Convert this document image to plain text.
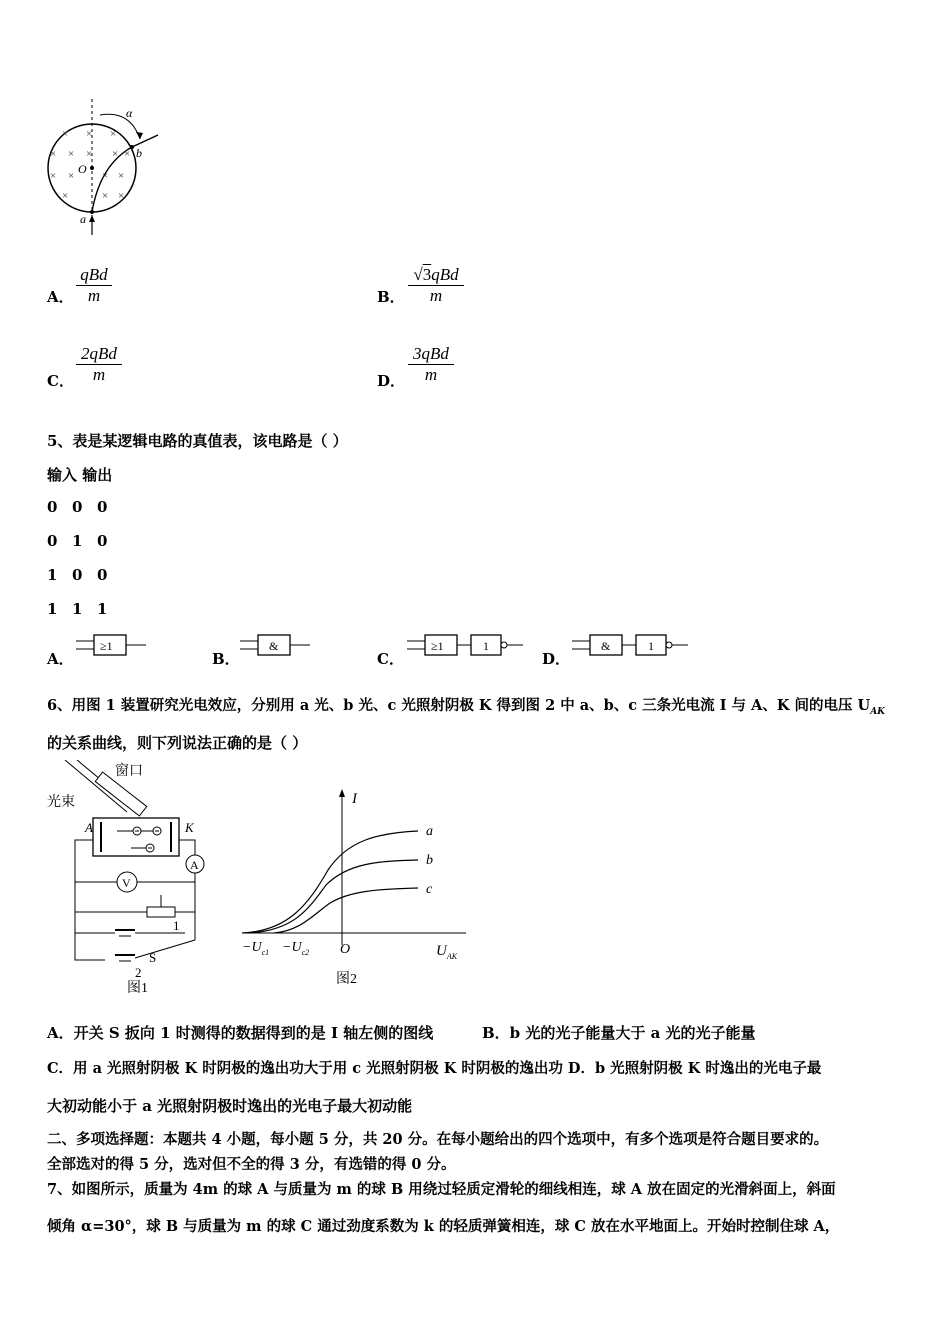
α
b
O
a
× × ×
× × × × ×
× ×	× ×
×	× ×
A．
qBd
m	B．
√3qBd
m
C．
2qBd
m	D．
3qBd
m
5、表是某逻辑电路的真值表，该电路是（ ）
输入 输出
0 0 0
0 1 0
1 0 0
1 1 1
A．
≥1
B．
&
C．
≥1	1
D．
&	1
6、用图 1 装置研究光电效应，分别用 a 光、b 光、c 光照射阴极 K 得到图 2 中 a、b、c 三条光电流 I 与 A、K 间的电压 $U_{AK}$
的关系曲线，则下列说法正确的是（ ）
窗口
光束
A	K
A
V
1
2
S
图1
I
a
b
c
$-U_{c1} -U_{c2}$ O	$U_{AK}$
图2
A．开关 S 扳向 1 时测得的数据得到的是 I 轴左侧的图线	B．b 光的光子能量大于 a 光的光子能量
C．用 a 光照射阴极 K 时阴极的逸出功大于用 c 光照射阴极 K 时阴极的逸出功 D．b 光照射阴极 K 时逸出的光电子最
大初动能小于 a 光照射阴极时逸出的光电子最大初动能
二、多项选择题：本题共 4 小题，每小题 5 分，共 20 分。在每小题给出的四个选项中，有多个选项是符合题目要求的。
全部选对的得 5 分，选对但不全的得 3 分，有选错的得 0 分。
7、如图所示，质量为 4m 的球 A 与质量为 m 的球 B 用绕过轻质定滑轮的细线相连，球 A 放在固定的光滑斜面上，斜面
倾角 α=30°，球 B 与质量为 m 的球 C 通过劲度系数为 k 的轻质弹簧相连，球 C 放在水平地面上。开始时控制住球 A，
